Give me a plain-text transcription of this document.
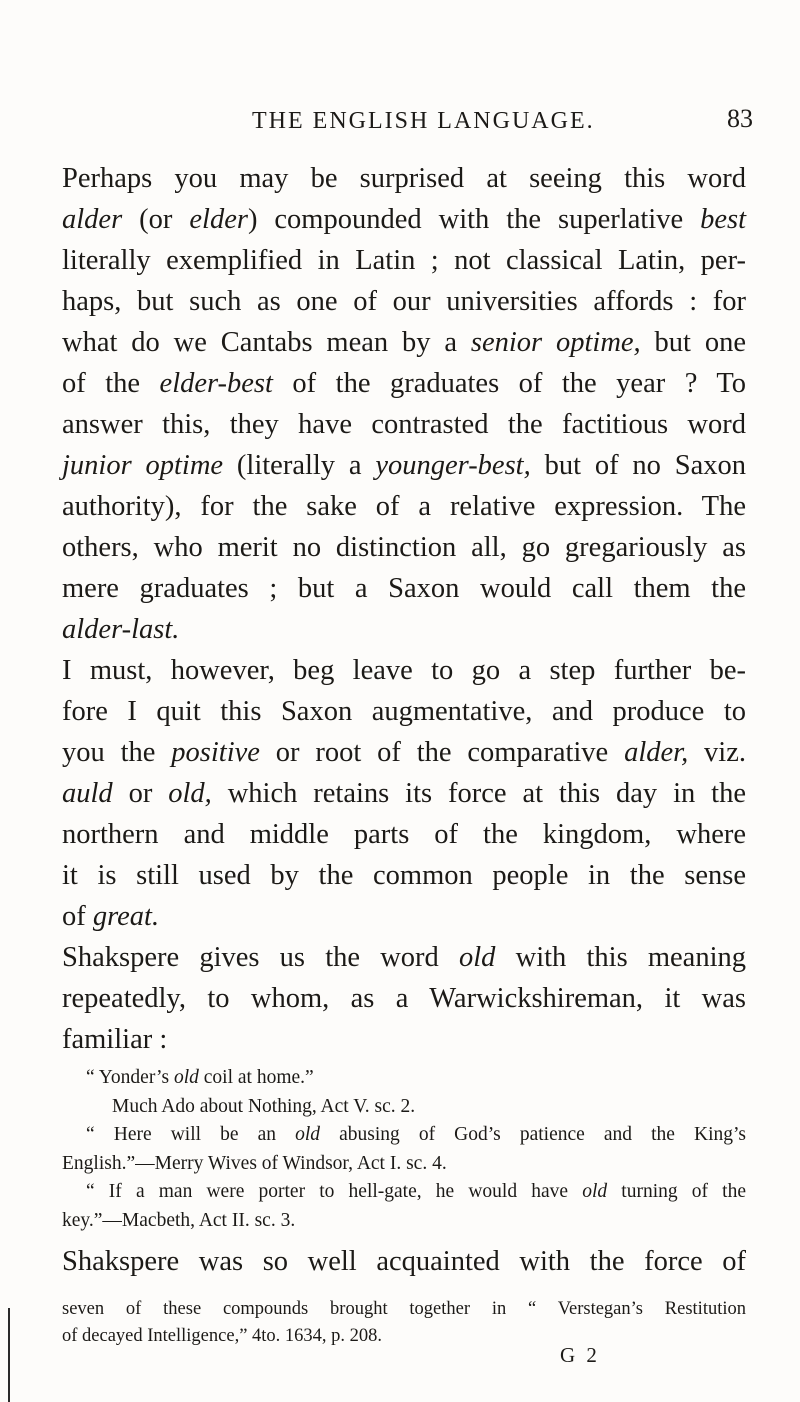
THE ENGLISH LANGUAGE.	83
Perhaps you may be surprised at seeing this word
alder (or elder) compounded with the superlative best
literally exemplified in Latin ; not classical Latin, per-
haps, but such as one of our universities affords : for
what do we Cantabs mean by a senior optime, but one
of the elder-best of the graduates of the year ? To
answer this, they have contrasted the factitious word
junior optime (literally a younger-best, but of no Saxon
authority), for the sake of a relative expression. The
others, who merit no distinction all, go gregariously as
mere graduates ; but a Saxon would call them the
alder-last.
I must, however, beg leave to go a step further be-
fore I quit this Saxon augmentative, and produce to
you the positive or root of the comparative alder, viz.
auld or old, which retains its force at this day in the
northern and middle parts of the kingdom, where
it is still used by the common people in the sense
of great.
Shakspere gives us the word old with this meaning
repeatedly, to whom, as a Warwickshireman, it was
familiar :
“ Yonder’s old coil at home.”
Much Ado about Nothing, Act V. sc. 2.
“ Here will be an old abusing of God’s patience and the King’s
English.”—Merry Wives of Windsor, Act I. sc. 4.
“ If a man were porter to hell-gate, he would have old turning of the
key.”—Macbeth, Act II. sc. 3.
Shakspere was so well acquainted with the force of
seven of these compounds brought together in “ Verstegan’s Restitution
of decayed Intelligence,” 4to. 1634, p. 208.
G 2
